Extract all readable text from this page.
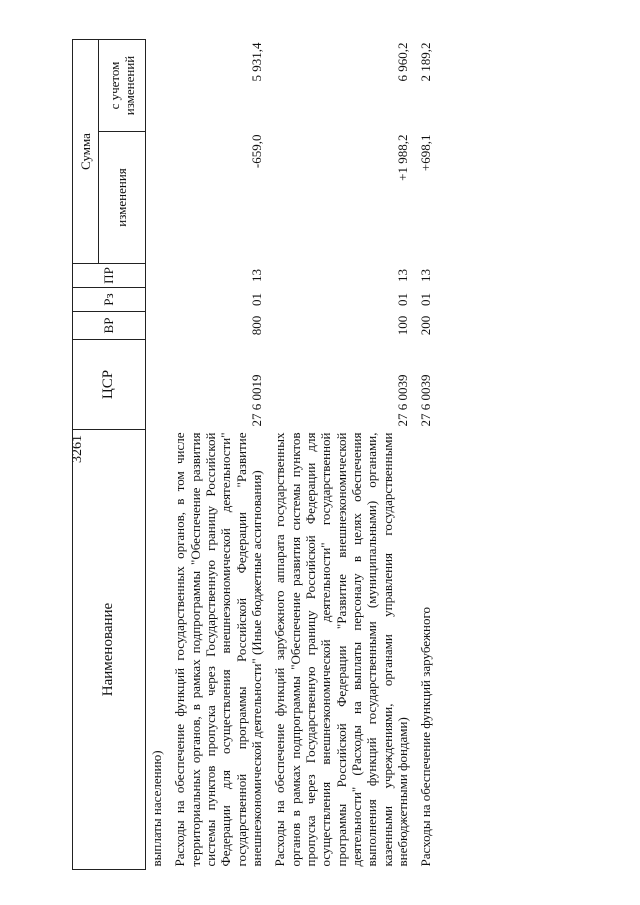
3261
Наименование	ЦСР	ВР	Рз	ПР	Сумма	
					изменения	с учетом изменений
выплаты населению)						
Расходы на обеспечение функций государственных органов, в том числе территориальных органов, в рамках подпрограммы "Обеспечение развития системы пунктов пропуска через Государственную границу Российской Федерации для осуществления внешнеэкономической деятельности" государственной программы Российской Федерации "Развитие внешнеэкономической деятельности" (Иные бюджетные ассигнования)	27 6 0019	800	01	13	-659,0	5 931,4
Расходы на обеспечение функций зарубежного аппарата государственных органов в рамках подпрограммы "Обеспечение развития системы пунктов пропуска через Государственную границу Российской Федерации для осуществления внешнеэкономической деятельности" государственной программы Российской Федерации "Развитие внешнеэкономической деятельности" (Расходы на выплаты персоналу в целях обеспечения выполнения функций государственными (муниципальными) органами, казенными учреждениями, органами управления государственными внебюджетными фондами)	27 6 0039	100	01	13	+1 988,2	6 960,2
Расходы на обеспечение функций зарубежного	27 6 0039	200	01	13	+698,1	2 189,2
